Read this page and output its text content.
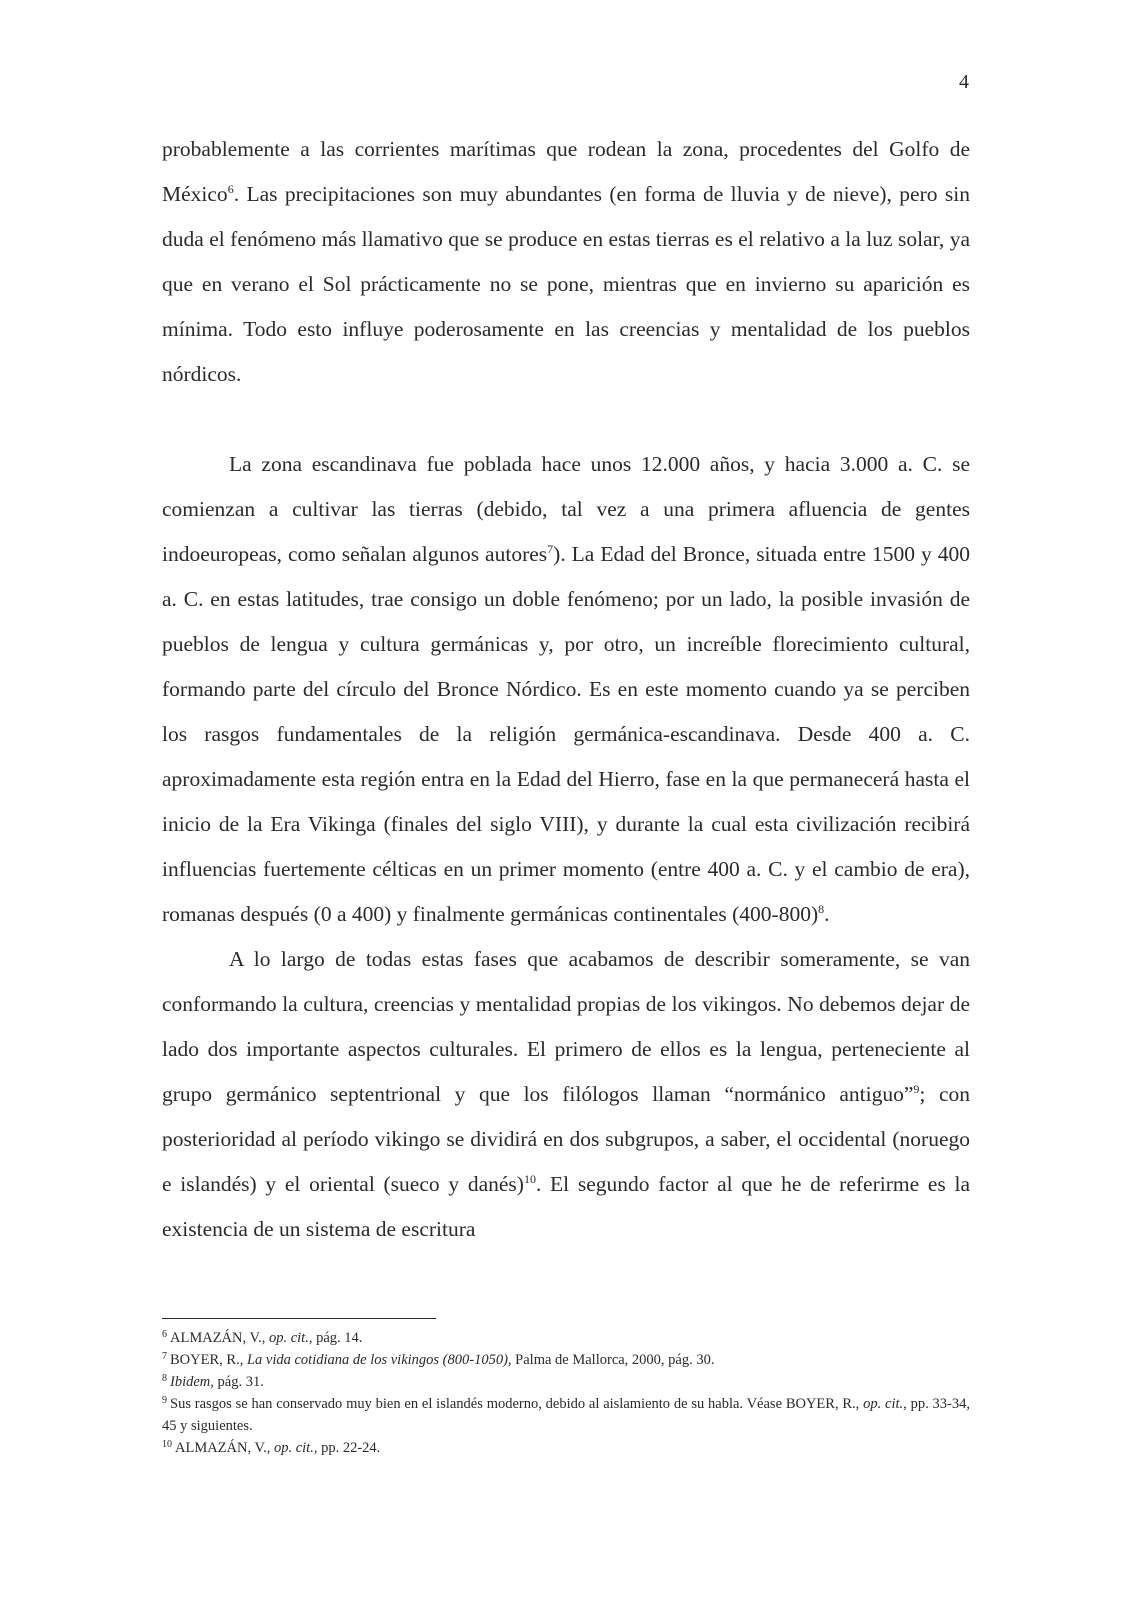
4

probablemente a las corrientes marítimas que rodean la zona, procedentes del Golfo de México$^6$. Las precipitaciones son muy abundantes (en forma de lluvia y de nieve), pero sin duda el fenómeno más llamativo que se produce en estas tierras es el relativo a la luz solar, ya que en verano el Sol prácticamente no se pone, mientras que en invierno su aparición es mínima. Todo esto influye poderosamente en las creencias y mentalidad de los pueblos nórdicos.

La zona escandinava fue poblada hace unos 12.000 años, y hacia 3.000 a. C. se comienzan a cultivar las tierras (debido, tal vez a una primera afluencia de gentes indoeuropeas, como señalan algunos autores$^7$). La Edad del Bronce, situada entre 1500 y 400 a. C. en estas latitudes, trae consigo un doble fenómeno; por un lado, la posible invasión de pueblos de lengua y cultura germánicas y, por otro, un increíble florecimiento cultural, formando parte del círculo del Bronce Nórdico. Es en este momento cuando ya se perciben los rasgos fundamentales de la religión germánica-escandinava. Desde 400 a. C. aproximadamente esta región entra en la Edad del Hierro, fase en la que permanecerá hasta el inicio de la Era Vikinga (finales del siglo VIII), y durante la cual esta civilización recibirá influencias fuertemente célticas en un primer momento (entre 400 a. C. y el cambio de era), romanas después (0 a 400) y finalmente germánicas continentales (400-800)$^8$.

A lo largo de todas estas fases que acabamos de describir someramente, se van conformando la cultura, creencias y mentalidad propias de los vikingos. No debemos dejar de lado dos importante aspectos culturales. El primero de ellos es la lengua, perteneciente al grupo germánico septentrional y que los filólogos llaman “normánico antiguo”$^9$; con posterioridad al período vikingo se dividirá en dos subgrupos, a saber, el occidental (noruego e islandés) y el oriental (sueco y danés)$^{10}$. El segundo factor al que he de referirme es la existencia de un sistema de escritura

$^6$ ALMAZÁN, V., op. cit., pág. 14.

$^7$ BOYER, R., La vida cotidiana de los vikingos (800-1050), Palma de Mallorca, 2000, pág. 30.

$^8$ Ibidem, pág. 31.

$^9$ Sus rasgos se han conservado muy bien en el islandés moderno, debido al aislamiento de su habla. Véase BOYER, R., op. cit., pp. 33-34, 45 y siguientes.

$^{10}$ ALMAZÁN, V., op. cit., pp. 22-24.
